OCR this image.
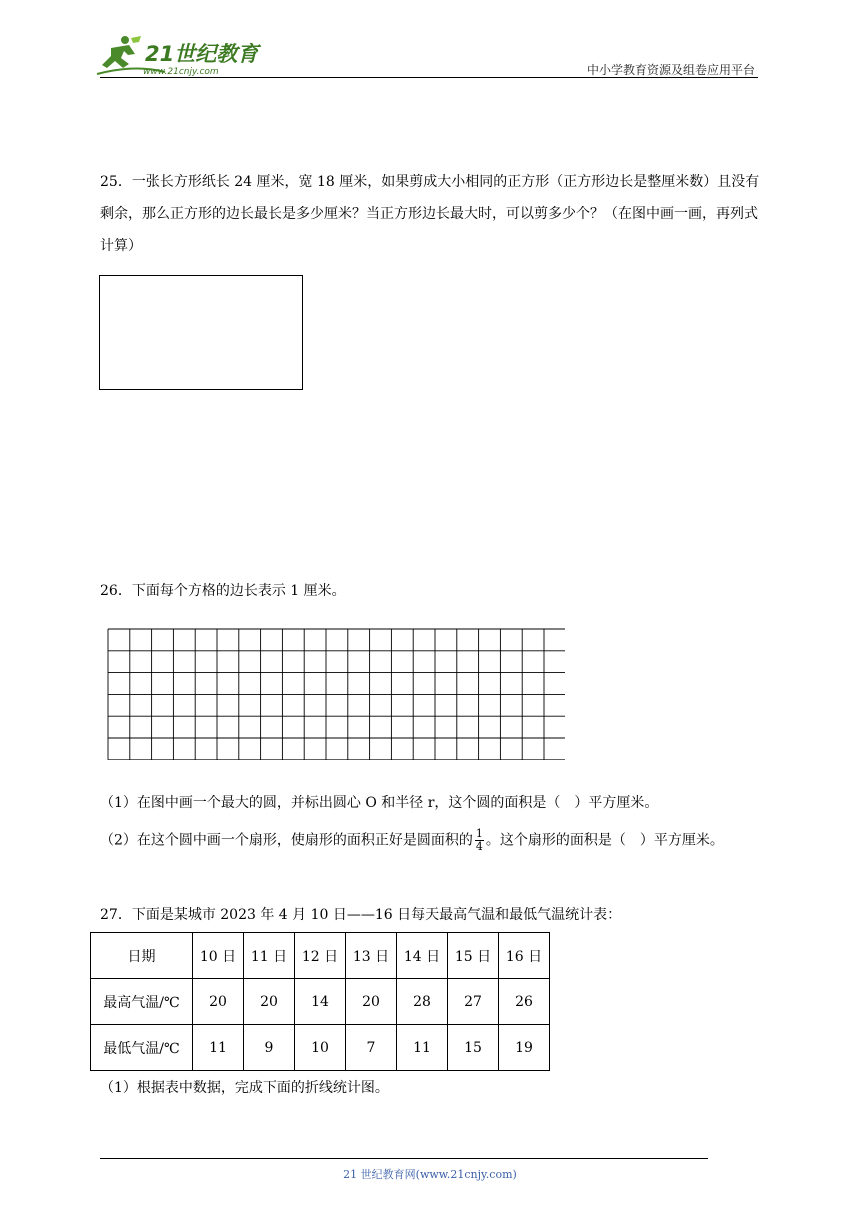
21世纪教育
www.21cnjy.com	中小学教育资源及组卷应用平台
25．一张长方形纸长 24 厘米，宽 18 厘米，如果剪成大小相同的正方形（正方形边长是整厘米数）且没有剩余，那么正方形的边长最长是多少厘米？当正方形边长最大时，可以剪多少个？（在图中画一画，再列式计算）
26．下面每个方格的边长表示 1 厘米。
（1）在图中画一个最大的圆，并标出圆心 O 和半径 r，这个圆的面积是（　）平方厘米。
（2）在这个圆中画一个扇形，使扇形的面积正好是圆面积的 $\frac{1}{4}$ 。这个扇形的面积是（　）平方厘米。
27．下面是某城市 2023 年 4 月 10 日——16 日每天最高气温和最低气温统计表：
日期	10 日	11 日	12 日	13 日	14 日	15 日	16 日
最高气温/℃	20	20	14	20	28	27	26
最低气温/℃	11	9	10	7	11	15	19
（1）根据表中数据，完成下面的折线统计图。
21 世纪教育网(www.21cnjy.com)
